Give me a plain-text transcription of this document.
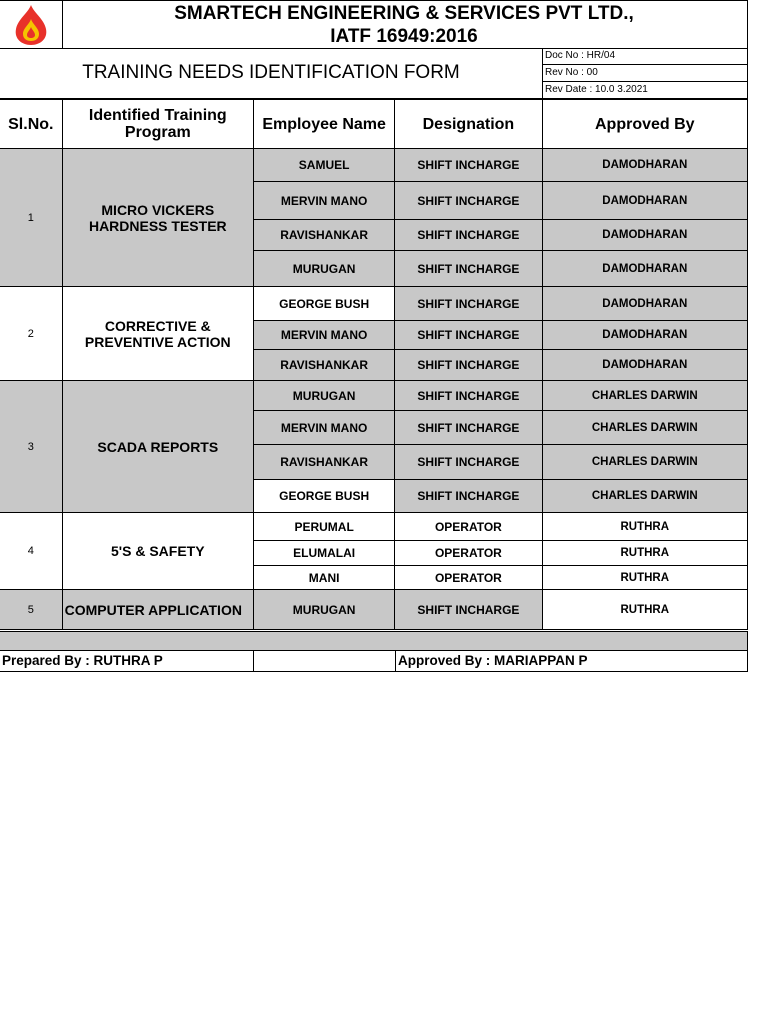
SMARTECH ENGINEERING & SERVICES PVT LTD.,
IATF 16949:2016
TRAINING NEEDS IDENTIFICATION FORM
Doc No : HR/04
Rev No : 00
Rev Date : 10.0 3.2021
Sl.No.	Identified Training Program	Employee Name	Designation	Approved By
1	MICRO VICKERS HARDNESS TESTER	SAMUEL	SHIFT INCHARGE	DAMODHARAN
		MERVIN MANO	SHIFT INCHARGE	DAMODHARAN
		RAVISHANKAR	SHIFT INCHARGE	DAMODHARAN
		MURUGAN	SHIFT INCHARGE	DAMODHARAN
2	CORRECTIVE & PREVENTIVE ACTION	GEORGE BUSH	SHIFT INCHARGE	DAMODHARAN
		MERVIN MANO	SHIFT INCHARGE	DAMODHARAN
		RAVISHANKAR	SHIFT INCHARGE	DAMODHARAN
3	SCADA REPORTS	MURUGAN	SHIFT INCHARGE	CHARLES DARWIN
		MERVIN MANO	SHIFT INCHARGE	CHARLES DARWIN
		RAVISHANKAR	SHIFT INCHARGE	CHARLES DARWIN
		GEORGE BUSH	SHIFT INCHARGE	CHARLES DARWIN
4	5'S & SAFETY	PERUMAL	OPERATOR	RUTHRA
		ELUMALAI	OPERATOR	RUTHRA
		MANI	OPERATOR	RUTHRA
5	COMPUTER APPLICATION	MURUGAN	SHIFT INCHARGE	RUTHRA
Prepared By : RUTHRA P	Approved By : MARIAPPAN P
